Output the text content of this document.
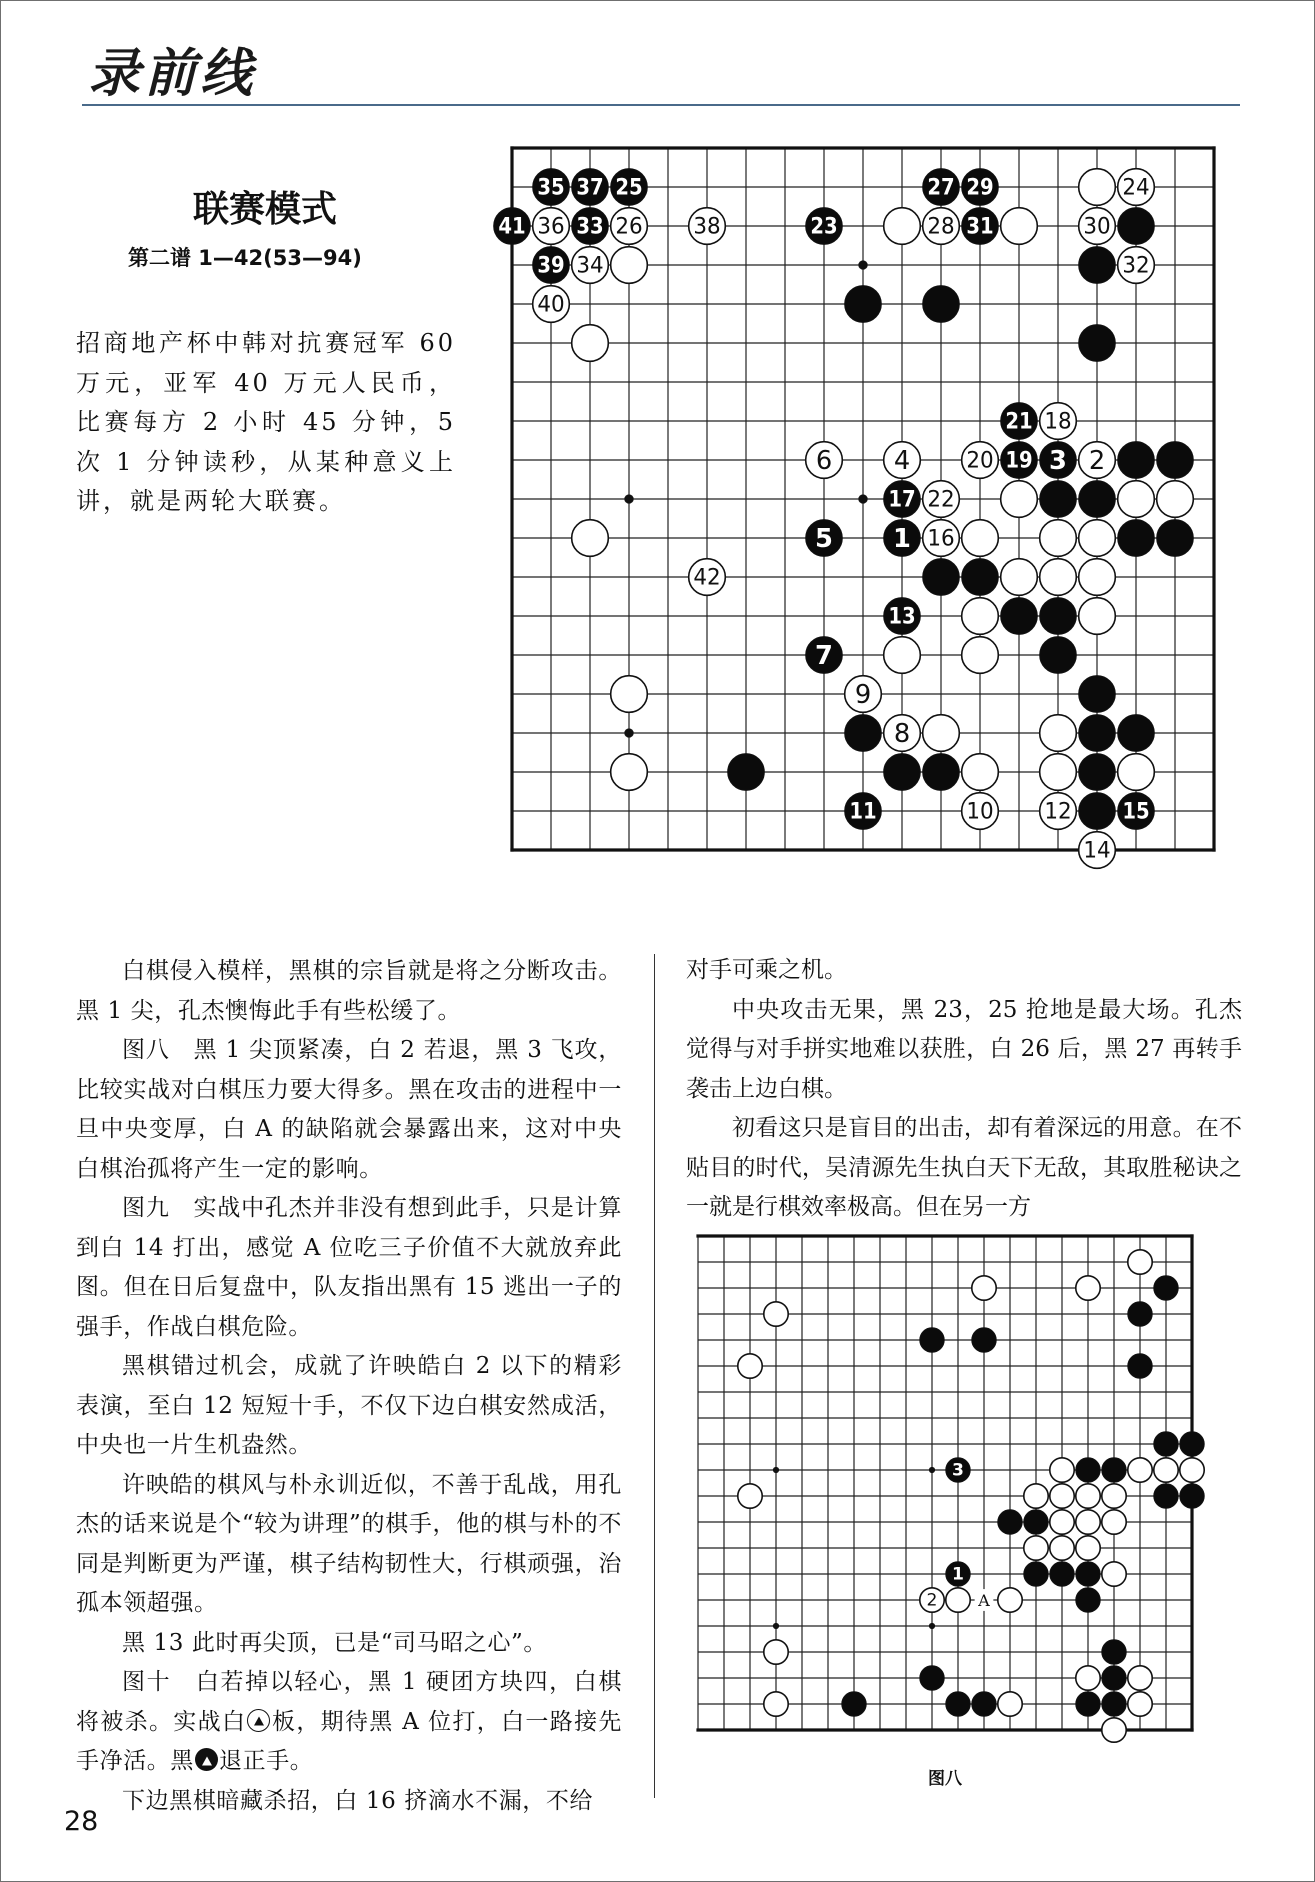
录前线
联赛模式
第二谱 1—42(53—94)

招商地产杯中韩对抗赛冠军 60 万元，亚军 40 万元人民币，比赛每方 2 小时 45 分钟，5 次 1 分钟读秒，从某种意义上讲，就是两轮大联赛。

35 37 25	27 29	24
41 36 33 26 38	23	28 31	30
39 34	32
40
21 18
6 4	20 19 3 2
17 22
5 1 16
42
13
7
9
8
11	10 12 15
14

白棋侵入模样，黑棋的宗旨就是将之分断攻击。黑 1 尖，孔杰懊悔此手有些松缓了。

图八　黑 1 尖顶紧凑，白 2 若退，黑 3 飞攻，比较实战对白棋压力要大得多。黑在攻击的进程中一旦中央变厚，白 A 的缺陷就会暴露出来，这对中央白棋治孤将产生一定的影响。

图九　实战中孔杰并非没有想到此手，只是计算到白 14 打出，感觉 A 位吃三子价值不大就放弃此图。但在日后复盘中，队友指出黑有 15 逃出一子的强手，作战白棋危险。

黑棋错过机会，成就了许映皓白 2 以下的精彩表演，至白 12 短短十手，不仅下边白棋安然成活，中央也一片生机盎然。

许映皓的棋风与朴永训近似，不善于乱战，用孔杰的话来说是个“较为讲理”的棋手，他的棋与朴的不同是判断更为严谨，棋子结构韧性大，行棋顽强，治孤本领超强。

黑 13 此时再尖顶，已是“司马昭之心”。

图十　白若掉以轻心，黑 1 硬团方块四，白棋将被杀。实战白 板，期待黑 A 位打，白一路接先手净活。黑 退正手。

下边黑棋暗藏杀招，白 16 挤滴水不漏，不给

对手可乘之机。

中央攻击无果，黑 23，25 抢地是最大场。孔杰觉得与对手拼实地难以获胜，白 26 后，黑 27 再转手袭击上边白棋。

初看这只是盲目的出击，却有着深远的用意。在不贴目的时代，吴清源先生执白天下无敌，其取胜秘诀之一就是行棋效率极高。但在另一方

3
1
2	A
图八
28
